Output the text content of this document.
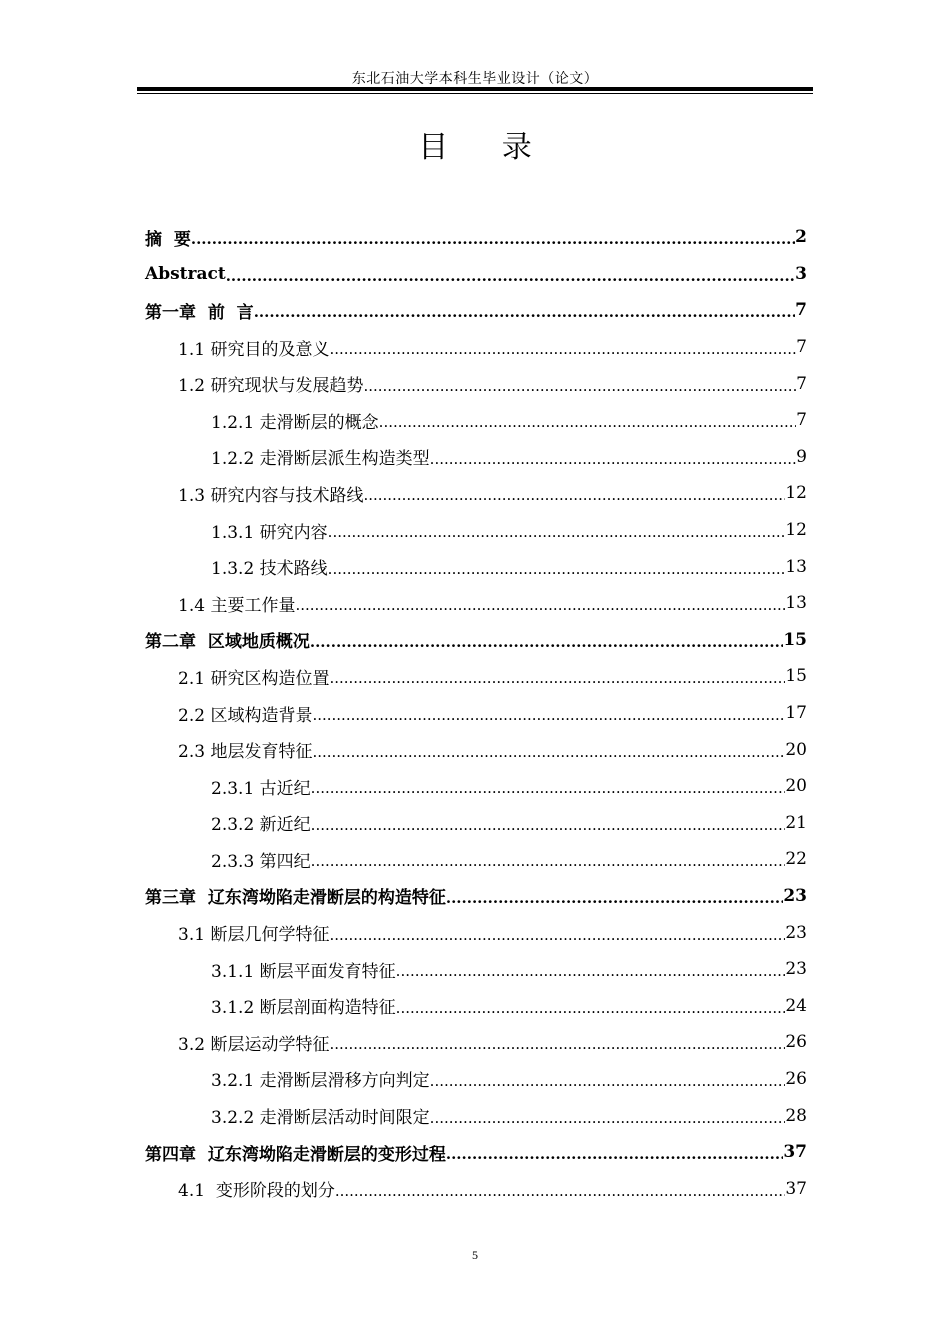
东北石油大学本科生毕业设计（论文）
目 录
摘  要 .....	2
Abstract .....	3
第一章  前  言 .....	7
1.1 研究目的及意义 .....	7
1.2 研究现状与发展趋势 .....	7
1.2.1 走滑断层的概念 .....	7
1.2.2 走滑断层派生构造类型 .....	9
1.3 研究内容与技术路线 .....	12
1.3.1 研究内容 .....	12
1.3.2 技术路线 .....	13
1.4 主要工作量 .....	13
第二章  区域地质概况 .....	15
2.1 研究区构造位置 .....	15
2.2 区域构造背景 .....	17
2.3 地层发育特征 .....	20
2.3.1 古近纪 .....	20
2.3.2 新近纪 .....	21
2.3.3 第四纪 .....	22
第三章  辽东湾坳陷走滑断层的构造特征 .....	23
3.1 断层几何学特征 .....	23
3.1.1 断层平面发育特征 .....	23
3.1.2 断层剖面构造特征 .....	24
3.2 断层运动学特征 .....	26
3.2.1 走滑断层滑移方向判定 .....	26
3.2.2 走滑断层活动时间限定 .....	28
第四章  辽东湾坳陷走滑断层的变形过程 .....	37
4.1  变形阶段的划分 .....	37
5
